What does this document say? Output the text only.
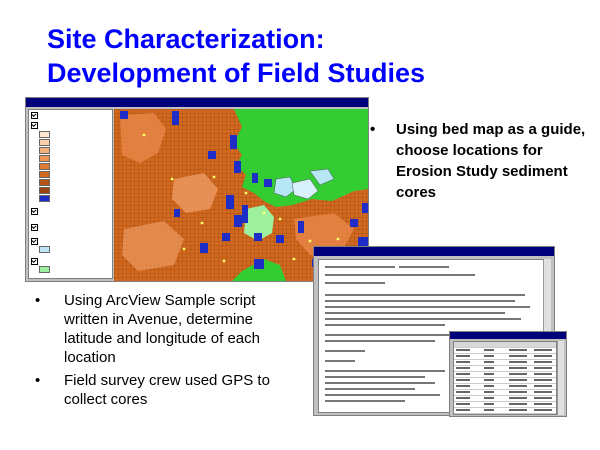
Site Characterization:
Development of Field Studies
• Using bed map as a guide, choose locations for Erosion Study sediment cores
• Using ArcView Sample script written in Avenue, determine latitude and longitude of each location
• Field survey crew used GPS to collect cores
